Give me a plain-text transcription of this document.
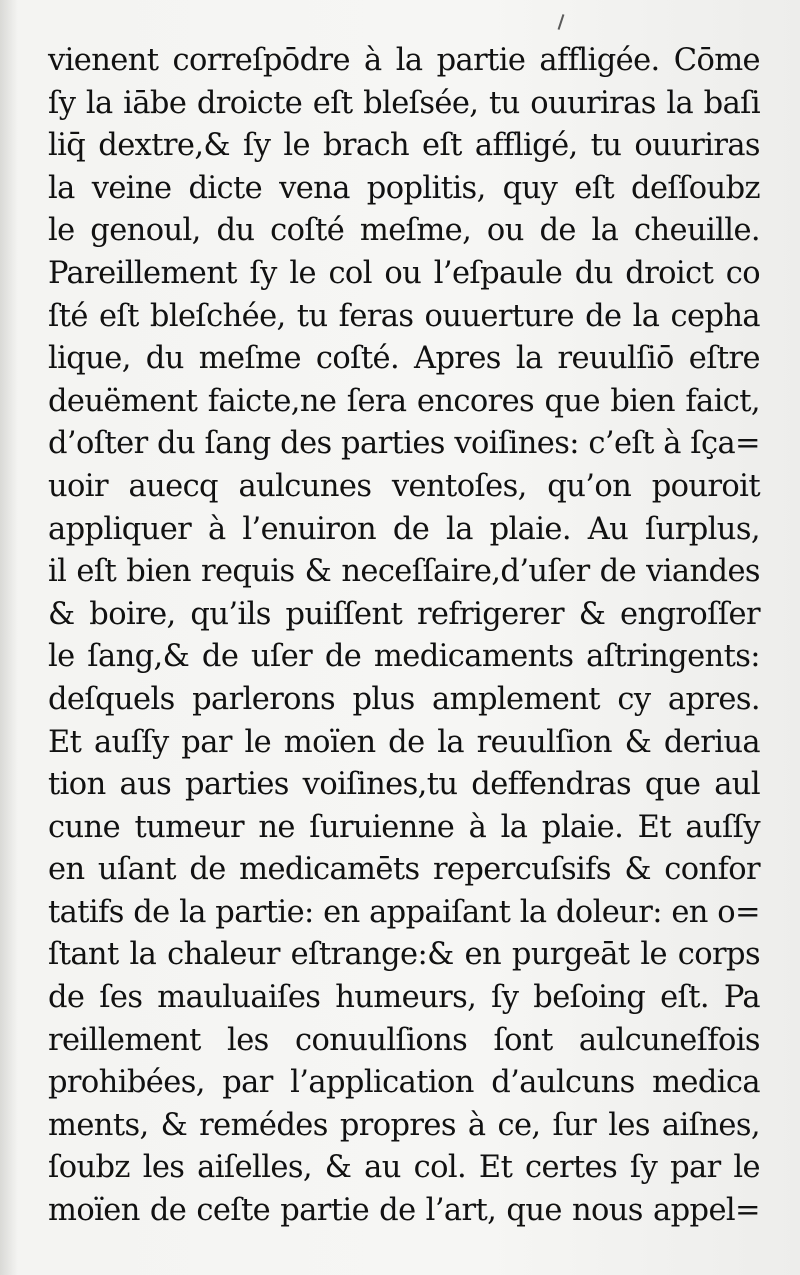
vienent correſpōdre à la partie affligée. Cōme
ſy la iābe droicte eſt bleſsée, tu ouuriras la baſi
liq̄ dextre,& ſy le brach eſt affligé, tu ouuriras
la veine dicte vena poplitis, quy eſt deſſoubz
le genoul, du coſté meſme, ou de la cheuille.
Pareillement ſy le col ou l’eſpaule du droict co
ſté eſt bleſchée, tu feras ouuerture de la cepha
lique, du meſme coſté. Apres la reuulſiō eſtre
deuëment faicte,ne ſera encores que bien faict,
d’oſter du ſang des parties voiſines: c’eſt à ſça=
uoir auecq aulcunes ventoſes, qu’on pouroit
appliquer à l’enuiron de la plaie. Au ſurplus,
il eſt bien requis & neceſſaire,d’uſer de viandes
& boire, qu’ils puiſſent refrigerer & engroſſer
le ſang,& de uſer de medicaments aſtringents:
deſquels parlerons plus amplement cy apres.
Et auſſy par le moïen de la reuulſion & deriua
tion aus parties voiſines,tu deffendras que aul
cune tumeur ne ſuruienne à la plaie. Et auſſy
en uſant de medicamēts repercuſsifs & confor
tatifs de la partie: en appaiſant la doleur: en o=
ſtant la chaleur eſtrange:& en purgeāt le corps
de ſes mauluaiſes humeurs, ſy beſoing eſt. Pa
reillement les conuulſions ſont aulcuneſfois
prohibées, par l’application d’aulcuns medica
ments, & remédes propres à ce, ſur les aiſnes,
ſoubz les aiſelles, & au col. Et certes ſy par le
moïen de ceſte partie de l’art, que nous appel=
